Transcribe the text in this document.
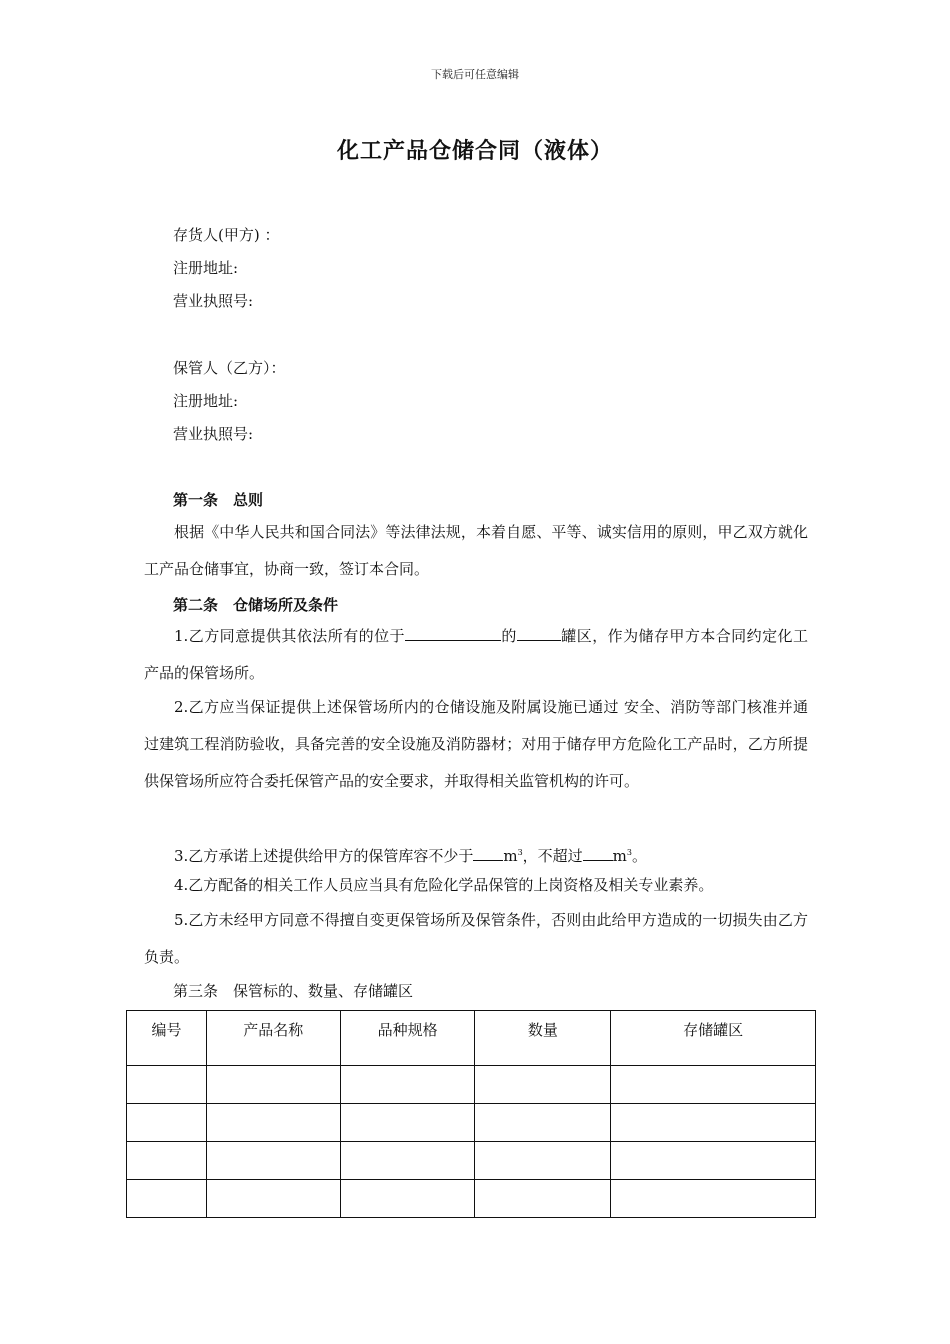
下载后可任意编辑
化工产品仓储合同（液体）
存货人(甲方) ：
注册地址:
营业执照号:
保管人（乙方）：
注册地址:
营业执照号:
第一条　总则
根据《中华人民共和国合同法》等法律法规，本着自愿、平等、诚实信用的原则，甲乙双方就化工产品仓储事宜，协商一致，签订本合同。
第二条　仓储场所及条件
1.乙方同意提供其依法所有的位于	的	罐区，作为储存甲方本合同约定化工产品的保管场所。
2.乙方应当保证提供上述保管场所内的仓储设施及附属设施已通过 安全、消防等部门核准并通过建筑工程消防验收，具备完善的安全设施及消防器材；对用于储存甲方危险化工产品时，乙方所提供保管场所应符合委托保管产品的安全要求，并取得相关监管机构的许可。
3.乙方承诺上述提供给甲方的保管库容不少于 $m^3$，不超过 $m^3$。
4.乙方配备的相关工作人员应当具有危险化学品保管的上岗资格及相关专业素养。
5.乙方未经甲方同意不得擅自变更保管场所及保管条件，否则由此给甲方造成的一切损失由乙方负责。
第三条　保管标的、数量、存储罐区
编号	产品名称	品种规格	数量	存储罐区
